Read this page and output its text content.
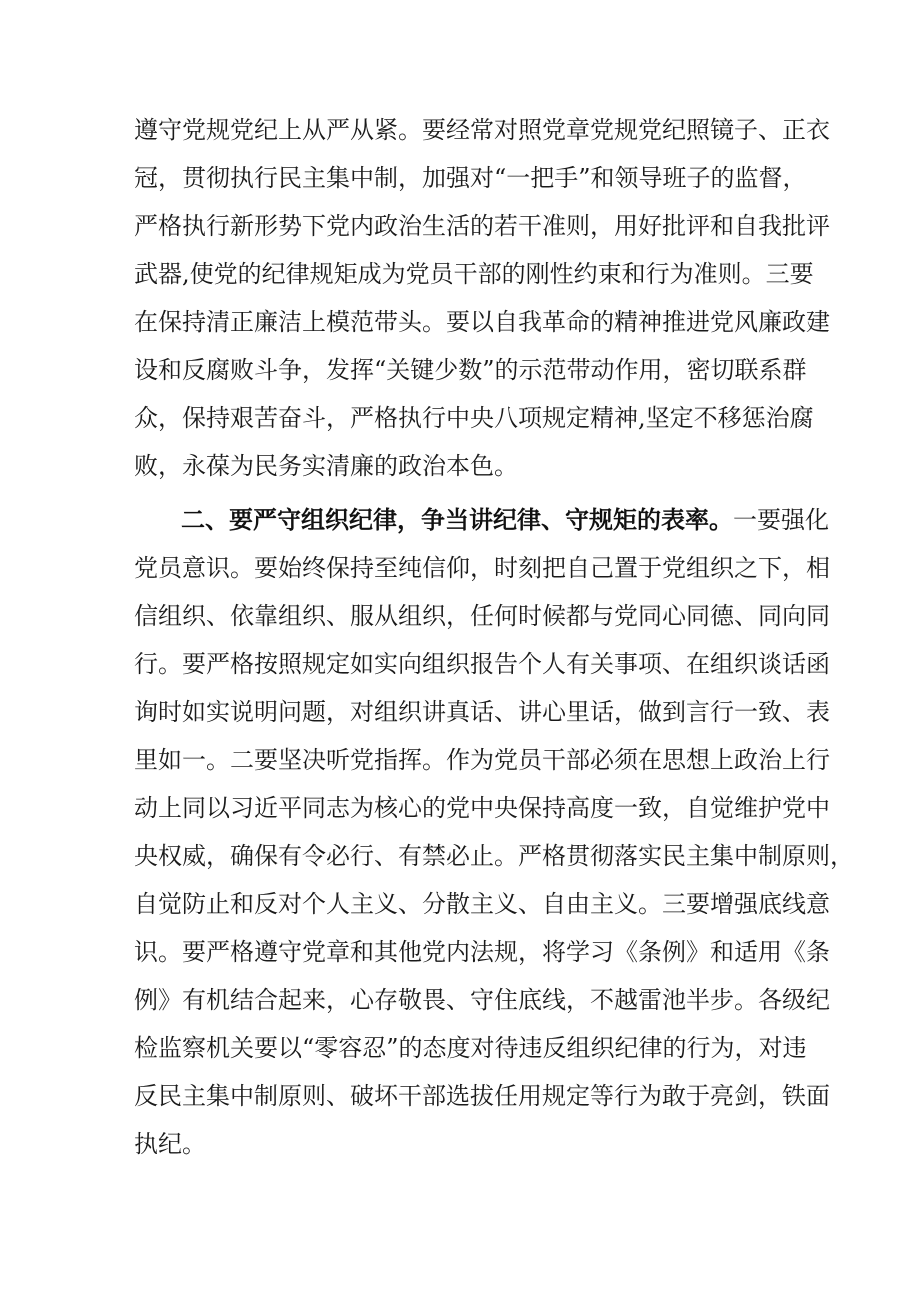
遵守党规党纪上从严从紧。要经常对照党章党规党纪照镜子、正衣
冠，贯彻执行民主集中制，加强对“一把手”和领导班子的监督，
严格执行新形势下党内政治生活的若干准则，用好批评和自我批评
武器,使党的纪律规矩成为党员干部的刚性约束和行为准则。三要
在保持清正廉洁上模范带头。要以自我革命的精神推进党风廉政建
设和反腐败斗争，发挥“关键少数”的示范带动作用，密切联系群
众，保持艰苦奋斗，严格执行中央八项规定精神,坚定不移惩治腐
败，永葆为民务实清廉的政治本色。
二、要严守组织纪律，争当讲纪律、守规矩的表率。一要强化
党员意识。要始终保持至纯信仰，时刻把自己置于党组织之下，相
信组织、依靠组织、服从组织，任何时候都与党同心同德、同向同
行。要严格按照规定如实向组织报告个人有关事项、在组织谈话函
询时如实说明问题，对组织讲真话、讲心里话，做到言行一致、表
里如一。二要坚决听党指挥。作为党员干部必须在思想上政治上行
动上同以习近平同志为核心的党中央保持高度一致，自觉维护党中
央权威，确保有令必行、有禁必止。严格贯彻落实民主集中制原则，
自觉防止和反对个人主义、分散主义、自由主义。三要增强底线意
识。要严格遵守党章和其他党内法规，将学习《条例》和适用《条
例》有机结合起来，心存敬畏、守住底线，不越雷池半步。各级纪
检监察机关要以“零容忍”的态度对待违反组织纪律的行为，对违
反民主集中制原则、破坏干部选拔任用规定等行为敢于亮剑，铁面
执纪。
